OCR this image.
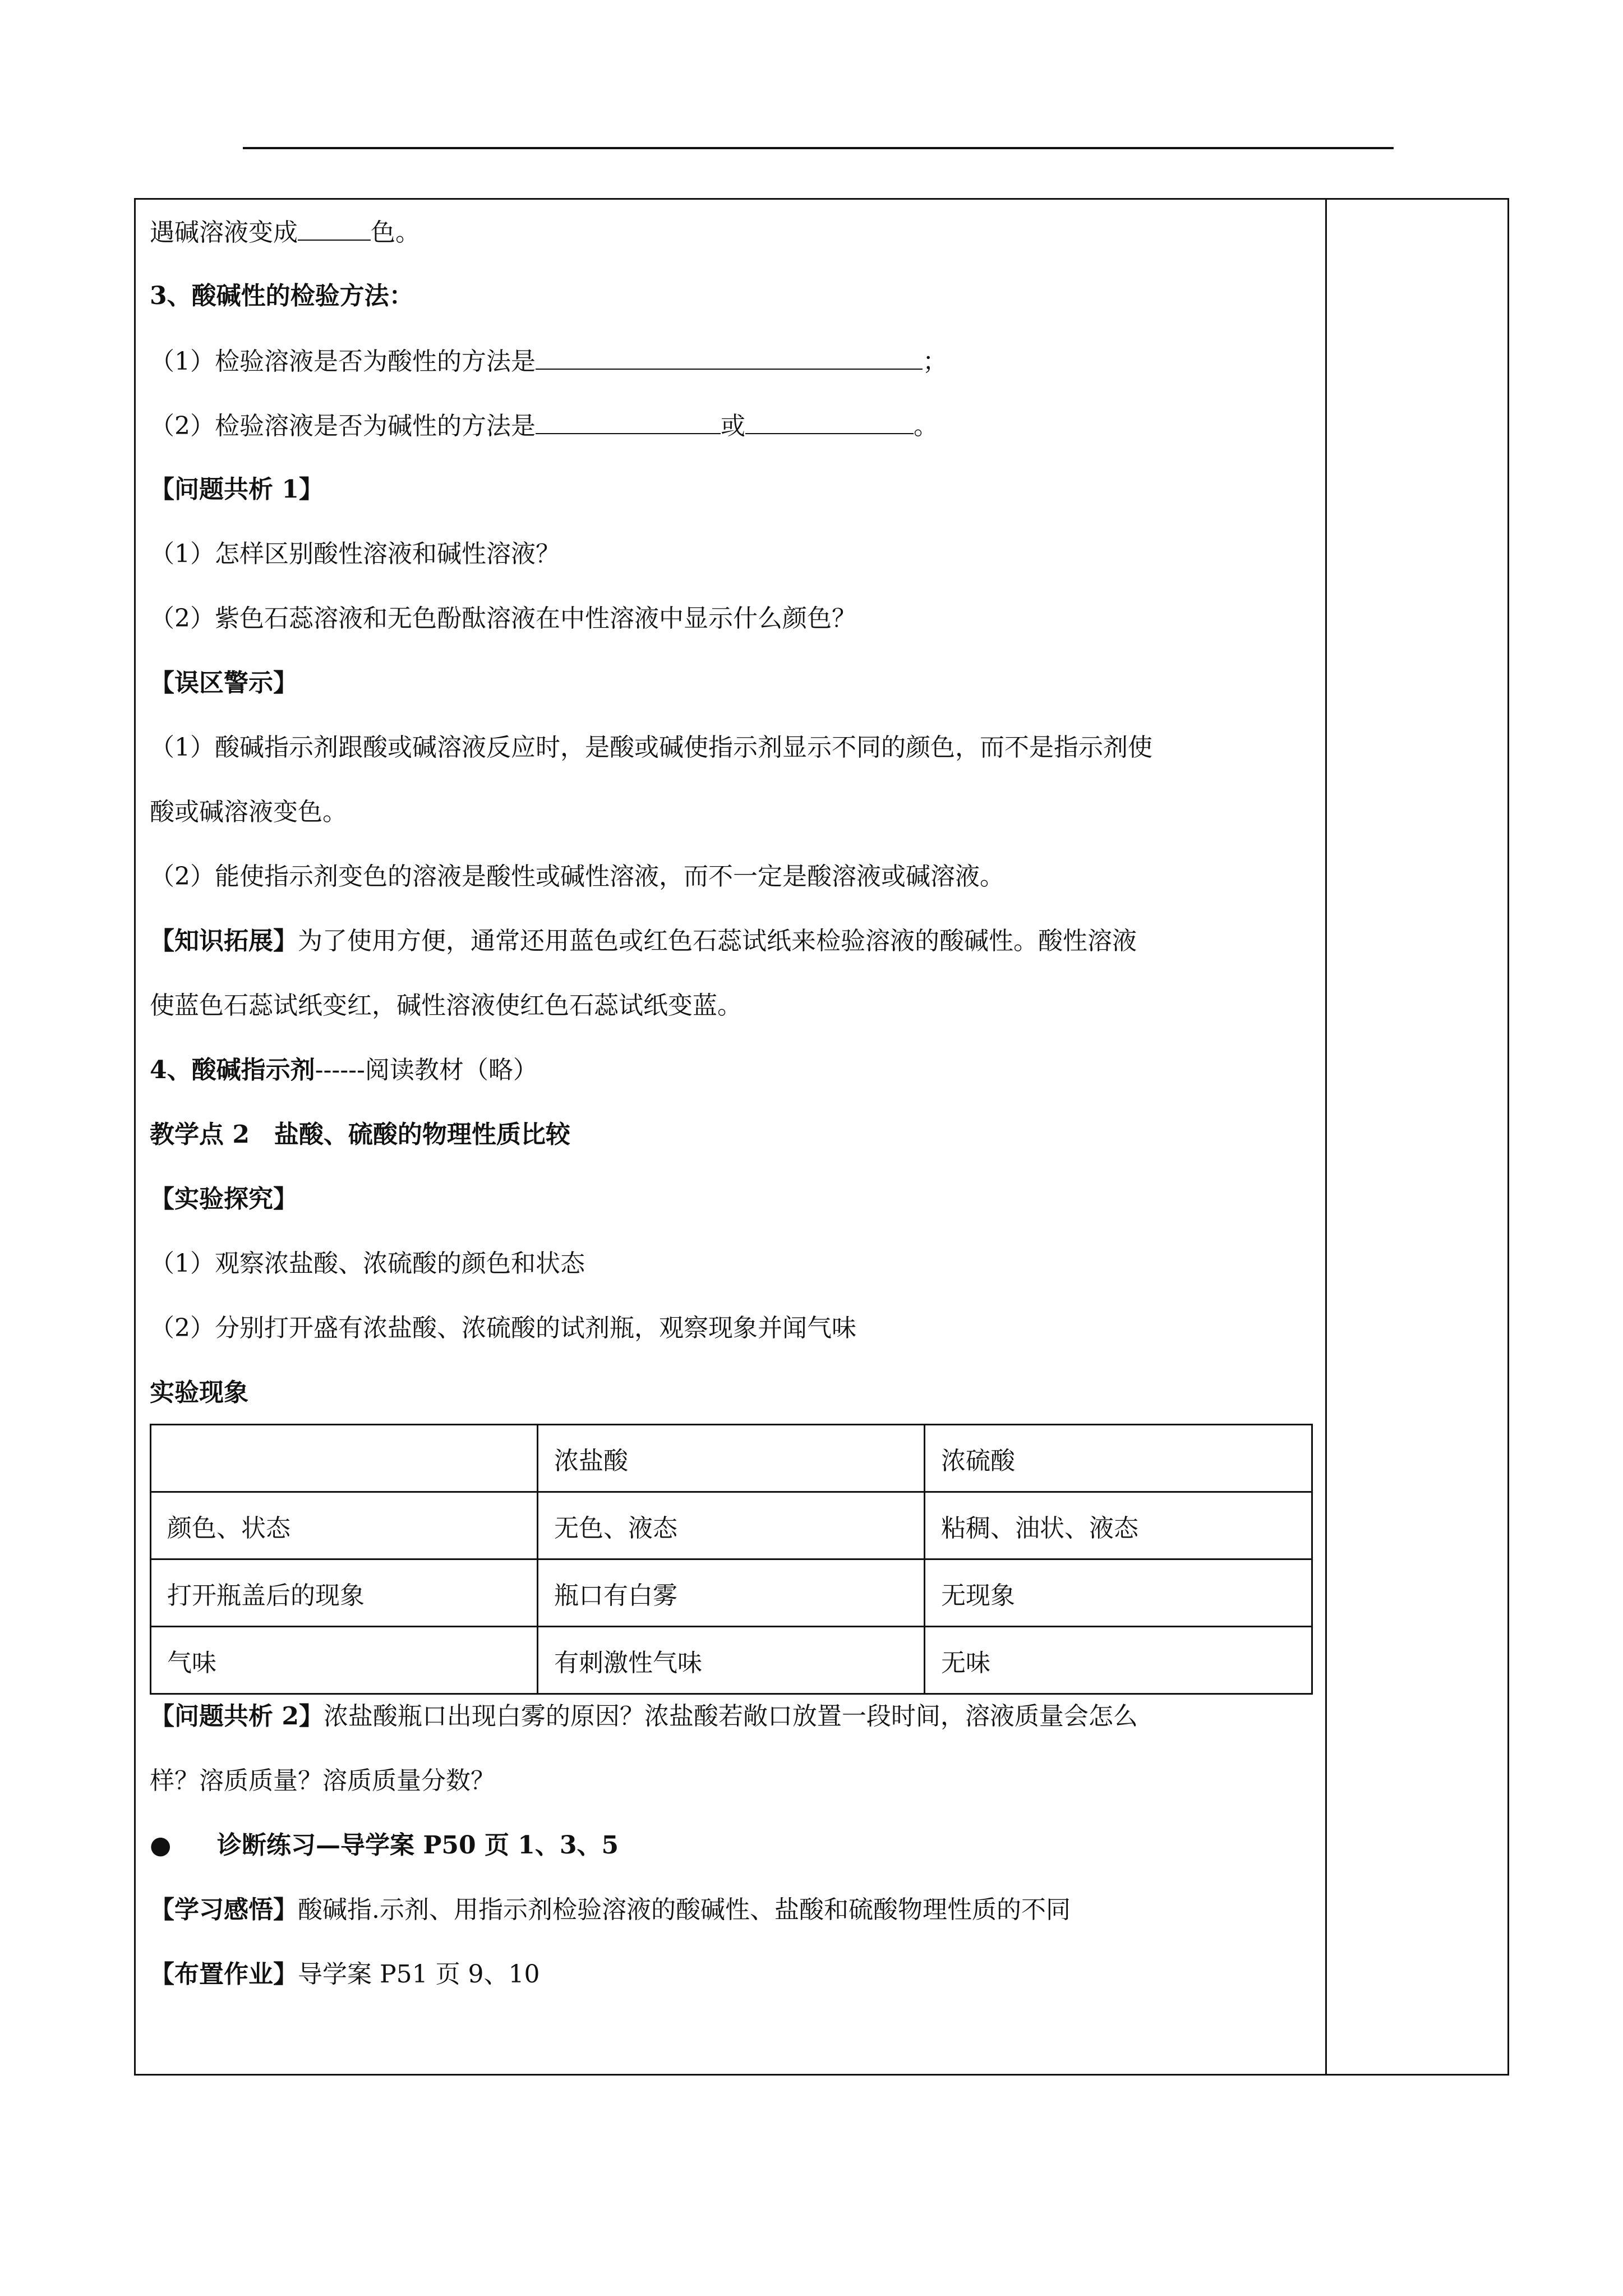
遇碱溶液变成	色。
3、酸碱性的检验方法：
（1）检验溶液是否为酸性的方法是	；
（2）检验溶液是否为碱性的方法是	或	。
【问题共析 1】
（1）怎样区别酸性溶液和碱性溶液？
（2）紫色石蕊溶液和无色酚酞溶液在中性溶液中显示什么颜色？
【误区警示】
（1）酸碱指示剂跟酸或碱溶液反应时，是酸或碱使指示剂显示不同的颜色，而不是指示剂使
酸或碱溶液变色。
（2）能使指示剂变色的溶液是酸性或碱性溶液，而不一定是酸溶液或碱溶液。
【知识拓展】为了使用方便，通常还用蓝色或红色石蕊试纸来检验溶液的酸碱性。酸性溶液
使蓝色石蕊试纸变红，碱性溶液使红色石蕊试纸变蓝。
4、酸碱指示剂------阅读教材（略）
教学点 2　盐酸、硫酸的物理性质比较
【实验探究】
（1）观察浓盐酸、浓硫酸的颜色和状态
（2）分别打开盛有浓盐酸、浓硫酸的试剂瓶，观察现象并闻气味
实验现象
	浓盐酸	浓硫酸
颜色、状态	无色、液态	粘稠、油状、液态
打开瓶盖后的现象	瓶口有白雾	无现象
气味	有刺激性气味	无味
【问题共析 2】浓盐酸瓶口出现白雾的原因？浓盐酸若敞口放置一段时间，溶液质量会怎么
样？溶质质量？溶质质量分数？
● 诊断练习—导学案 P50 页 1、3、5
【学习感悟】酸碱指.示剂、用指示剂检验溶液的酸碱性、盐酸和硫酸物理性质的不同
【布置作业】导学案 P51 页 9、10
